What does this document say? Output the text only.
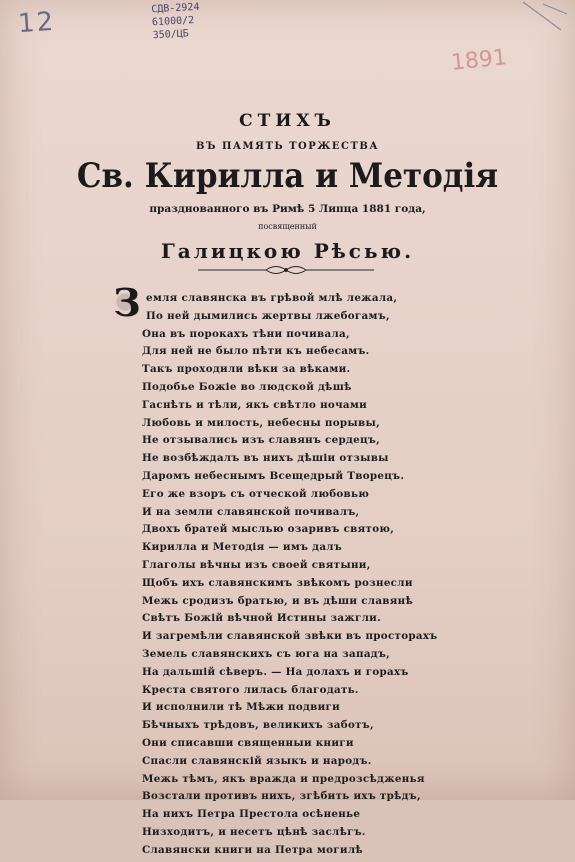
12	СДВ-2924
61000/2
350/ЦБ
1891
СТИХЪ
ВЪ ПАМЯТЬ ТОРЖЕСТВА
Св. Кирилла и Методія
празднованного въ Римѣ 5 Липца 1881 года,
посвященный
Галицкою Рѣсью.
З емля славянска въ грѣвой млѣ лежала,
По ней дымились жертвы лжебогамъ,
Она въ порокахъ тѣни почивала,
Для ней не было пѣти къ небесамъ.
Такъ проходили вѣки за вѣками.
Подобье Божіе во людской дѣшѣ
Гаснѣть и тѣли, якъ свѣтло ночами
Любовь и милость, небесны порывы,
Не отзывались изъ славянъ сердецъ,
Не возбѣждалъ въ нихъ дѣшіи отзывы
Даромъ небеснымъ Всещедрый Творецъ.
Его же взоръ съ отческой любовью
И на земли славянской почивалъ,
Двохъ братей мыслью озаривъ святою,
Кирилла и Методія — имъ далъ
Глаголы вѣчны изъ своей святыни,
Щобъ ихъ славянскимъ звѣкомъ рознесли
Межь сродизъ братью, и въ дѣши славянѣ
Свѣтъ Божій вѣчной Истины зажгли.
И загремѣли славянской звѣки въ просторахъ
Земель славянскихъ съ юга на западъ,
На дальшій сѣверъ. — На долахъ и горахъ
Креста святого лилась благодать.
И исполнили тѣ Мѣжи подвиги
Бѣчныхъ трѣдовъ, великихъ заботъ,
Они списавши священныи книги
Спасли славянскій языкъ и народъ.
Межь тѣмъ, якъ вражда и предрозсѣдженья
Возстали противъ нихъ, згѣбить ихъ трѣдъ,
На нихъ Петра Престола осѣненье
Низходитъ, и несетъ цѣнѣ заслѣгъ.
Славянски книги на Петра могилѣ
